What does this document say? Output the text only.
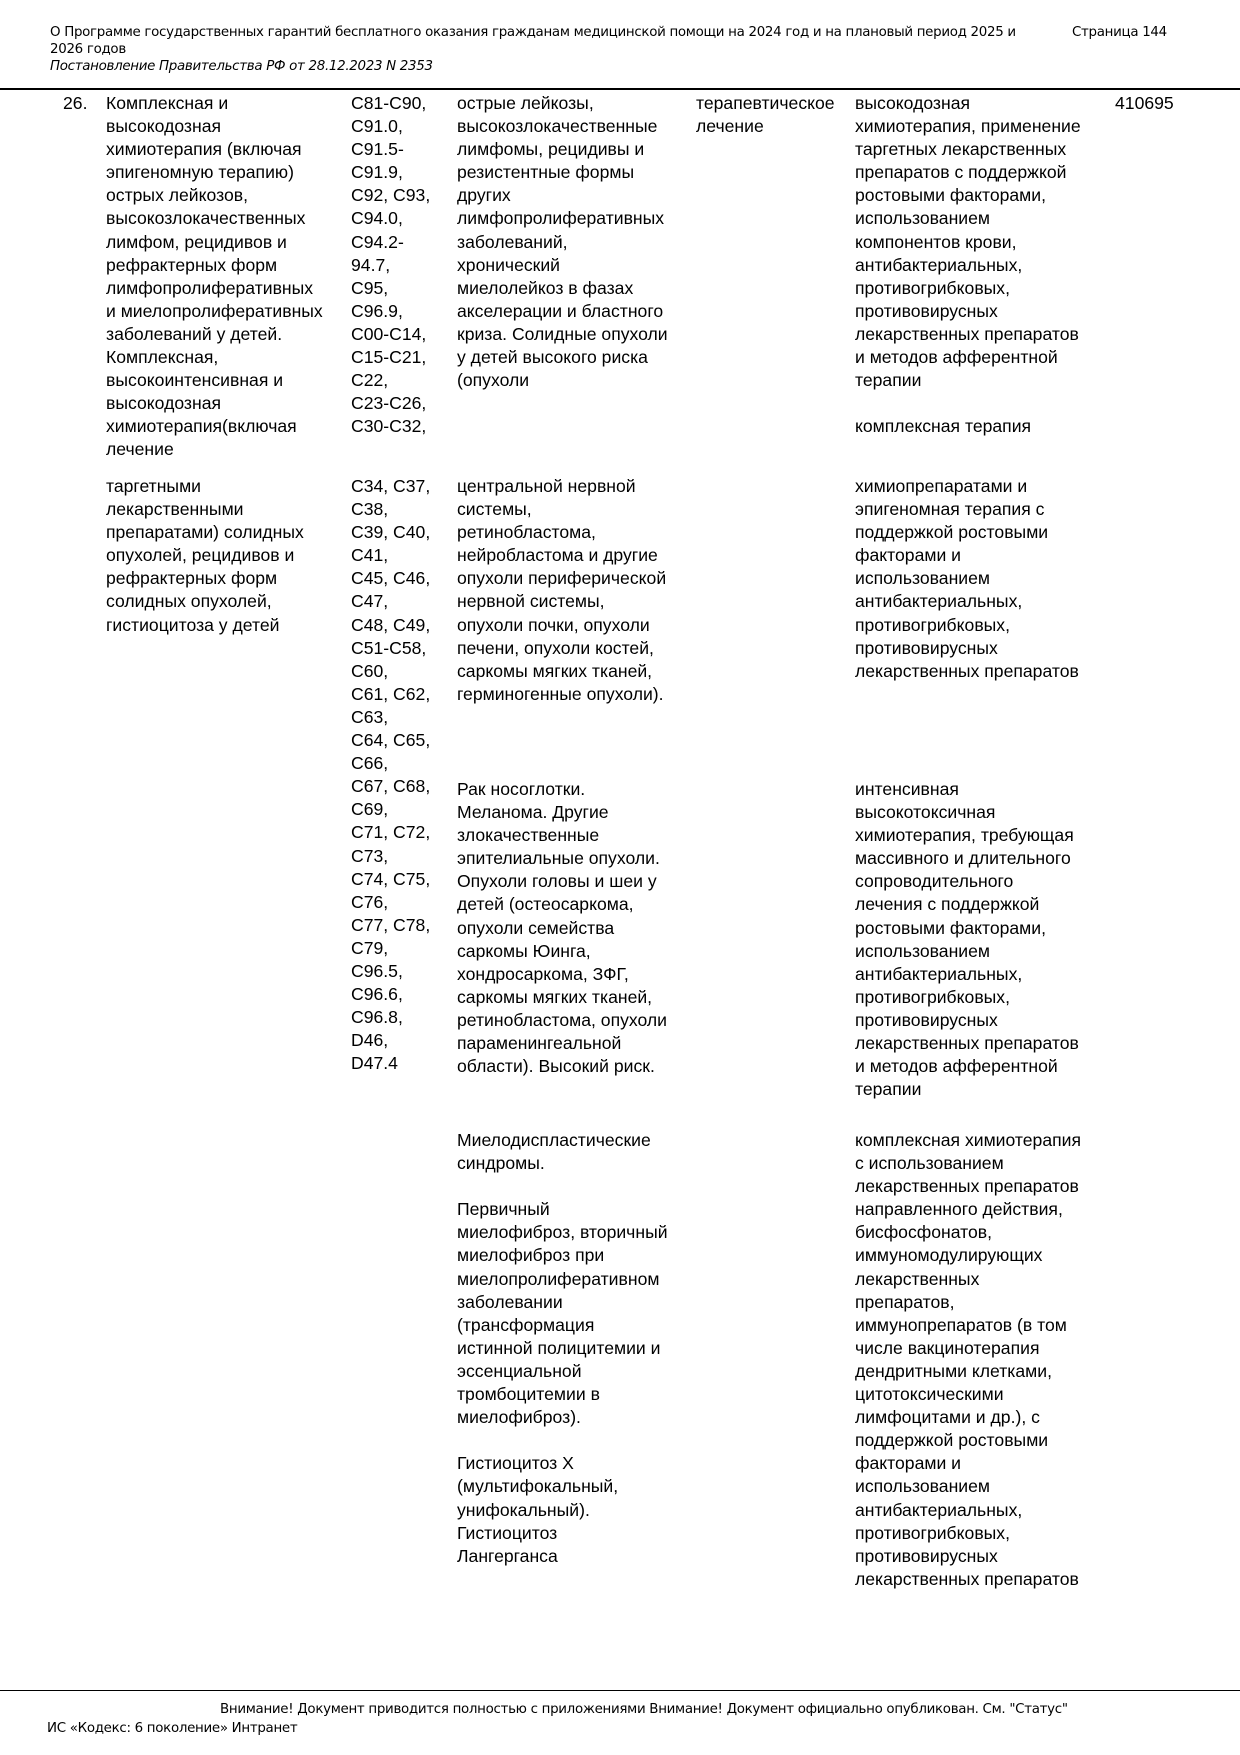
О Программе государственных гарантий бесплатного оказания гражданам медицинской помощи на 2024 год и на плановый период 2025 и 2026 годов
Страница 144
Постановление Правительства РФ от 28.12.2023 N 2353
26.	Комплексная и
высокодозная
химиотерапия (включая
эпигеномную терапию)
острых лейкозов,
высокозлокачественных
лимфом, рецидивов и
рефрактерных форм
лимфопролиферативных
и миелопролиферативных
заболеваний у детей.
Комплексная,
высокоинтенсивная и
высокодозная
химиотерапия(включая
лечение
таргетными
лекарственными
препаратами) солидных
опухолей, рецидивов и
рефрактерных форм
солидных опухолей,
гистиоцитоза у детей
C81-C90,
C91.0,
C91.5-
C91.9,
C92, C93,
C94.0,
C94.2-
94.7,
C95,
C96.9,
C00-C14,
C15-C21,
C22,
C23-C26,
C30-C32,
C34, C37,
C38,
C39, C40,
C41,
C45, C46,
C47,
C48, C49,
C51-C58,
C60,
C61, C62,
C63,
C64, C65,
C66,
C67, C68,
C69,
C71, C72,
C73,
C74, C75,
C76,
C77, C78,
C79,
C96.5,
C96.6,
C96.8,
D46,
D47.4
острые лейкозы,
высокозлокачественные
лимфомы, рецидивы и
резистентные формы
других
лимфопролиферативных
заболеваний,
хронический
миелолейкоз в фазах
акселерации и бластного
криза. Солидные опухоли
у детей высокого риска
(опухоли
центральной нервной
системы,
ретинобластома,
нейробластома и другие
опухоли периферической
нервной системы,
опухоли почки, опухоли
печени, опухоли костей,
саркомы мягких тканей,
герминогенные опухоли).
Рак носоглотки.
Меланома. Другие
злокачественные
эпителиальные опухоли.
Опухоли головы и шеи у
детей (остеосаркома,
опухоли семейства
саркомы Юинга,
хондросаркома, ЗФГ,
саркомы мягких тканей,
ретинобластома, опухоли
параменингеальной
области). Высокий риск.
Миелодиспластические
синдромы.

Первичный
миелофиброз, вторичный
миелофиброз при
миелопролиферативном
заболевании
(трансформация
истинной полицитемии и
эссенциальной
тромбоцитемии в
миелофиброз).

Гистиоцитоз X
(мультифокальный,
унифокальный).
Гистиоцитоз
Лангерганса
терапевтическое
лечение
высокодозная
химиотерапия, применение
таргетных лекарственных
препаратов с поддержкой
ростовыми факторами,
использованием
компонентов крови,
антибактериальных,
противогрибковых,
противовирусных
лекарственных препаратов
и методов афферентной
терапии

комплексная терапия
химиопрепаратами и
эпигеномная терапия с
поддержкой ростовыми
факторами и
использованием
антибактериальных,
противогрибковых,
противовирусных
лекарственных препаратов
интенсивная
высокотоксичная
химиотерапия, требующая
массивного и длительного
сопроводительного
лечения с поддержкой
ростовыми факторами,
использованием
антибактериальных,
противогрибковых,
противовирусных
лекарственных препаратов
и методов афферентной
терапии
комплексная химиотерапия
с использованием
лекарственных препаратов
направленного действия,
бисфосфонатов,
иммуномодулирующих
лекарственных
препаратов,
иммунопрепаратов (в том
числе вакцинотерапия
дендритными клетками,
цитотоксическими
лимфоцитами и др.), с
поддержкой ростовыми
факторами и
использованием
антибактериальных,
противогрибковых,
противовирусных
лекарственных препаратов
410695
Внимание! Документ приводится полностью с приложениями Внимание! Документ официально опубликован. См. "Статус"
ИС «Кодекс: 6 поколение» Интранет
